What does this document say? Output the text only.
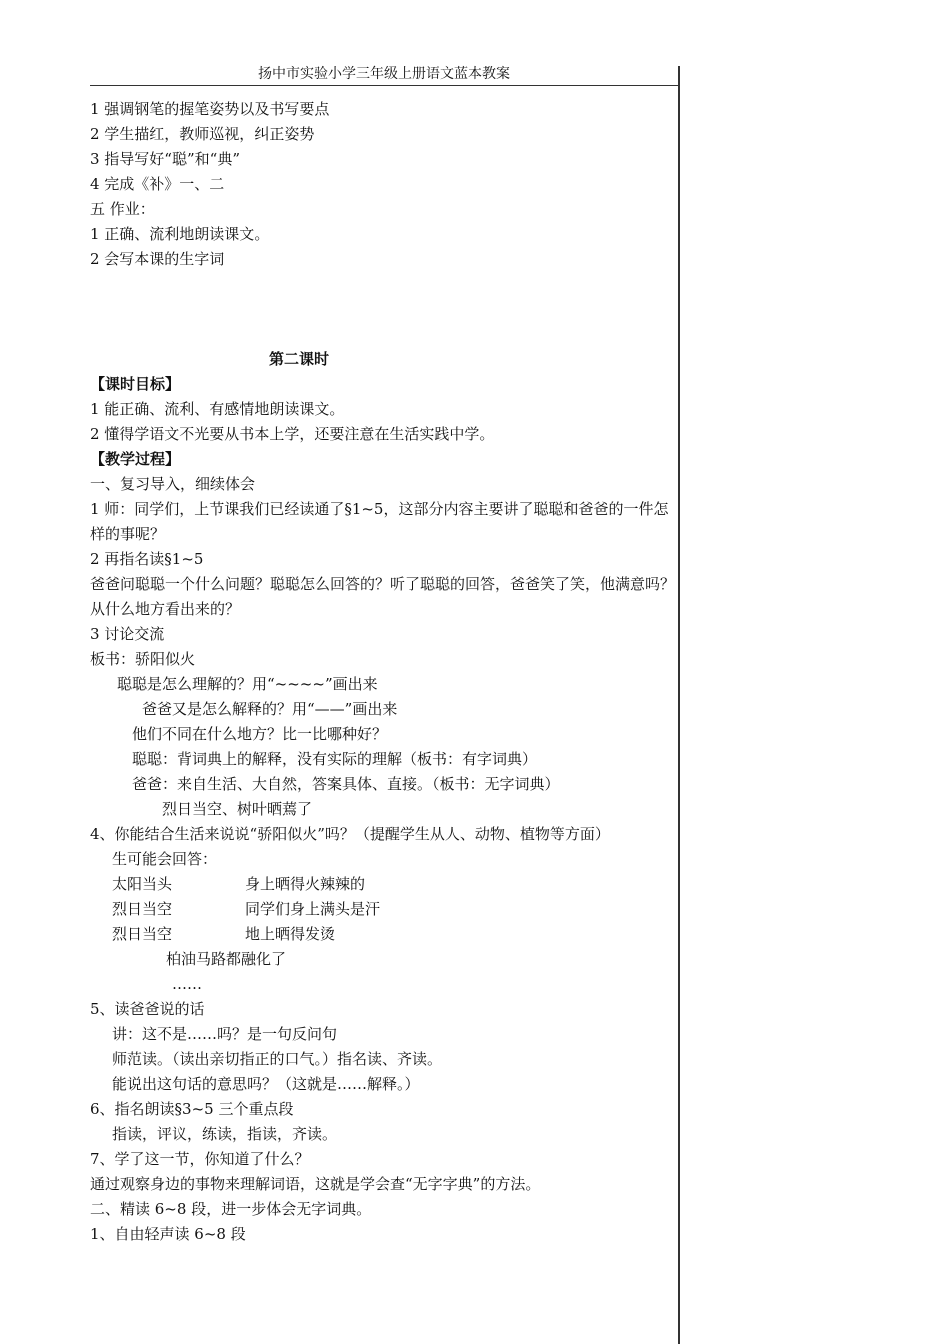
扬中市实验小学三年级上册语文蓝本教案
1 强调钢笔的握笔姿势以及书写要点
2 学生描红，教师巡视，纠正姿势
3 指导写好“聪”和“典”
4 完成《补》一、二
五 作业：
1 正确、流利地朗读课文。
2 会写本课的生字词
第二课时
【课时目标】
1 能正确、流利、有感情地朗读课文。
2 懂得学语文不光要从书本上学，还要注意在生活实践中学。
【教学过程】
一、复习导入，细续体会
1 师：同学们，上节课我们已经读通了§1~5，这部分内容主要讲了聪聪和爸爸的一件怎样的事呢？
2 再指名读§1~5
爸爸问聪聪一个什么问题？聪聪怎么回答的？听了聪聪的回答，爸爸笑了笑，他满意吗？从什么地方看出来的？
3 讨论交流
板书：骄阳似火
聪聪是怎么理解的？用“~~~~”画出来
爸爸又是怎么解释的？用“——”画出来
他们不同在什么地方？比一比哪种好？
聪聪：背词典上的解释，没有实际的理解（板书：有字词典）
爸爸：来自生活、大自然，答案具体、直接。（板书：无字词典）
烈日当空、树叶晒蔫了
4、你能结合生活来说说“骄阳似火”吗？（提醒学生从人、动物、植物等方面）
生可能会回答：
太阳当头	身上晒得火辣辣的
烈日当空	同学们身上满头是汗
烈日当空	地上晒得发烫
柏油马路都融化了
……
5、读爸爸说的话
讲：这不是……吗？是一句反问句
师范读。（读出亲切指正的口气。）指名读、齐读。
能说出这句话的意思吗？（这就是……解释。）
6、指名朗读§3~5 三个重点段
指读，评议，练读，指读，齐读。
7、学了这一节，你知道了什么？
通过观察身边的事物来理解词语，这就是学会查“无字字典”的方法。
二、精读 6~8 段，进一步体会无字词典。
1、自由轻声读 6~8 段
